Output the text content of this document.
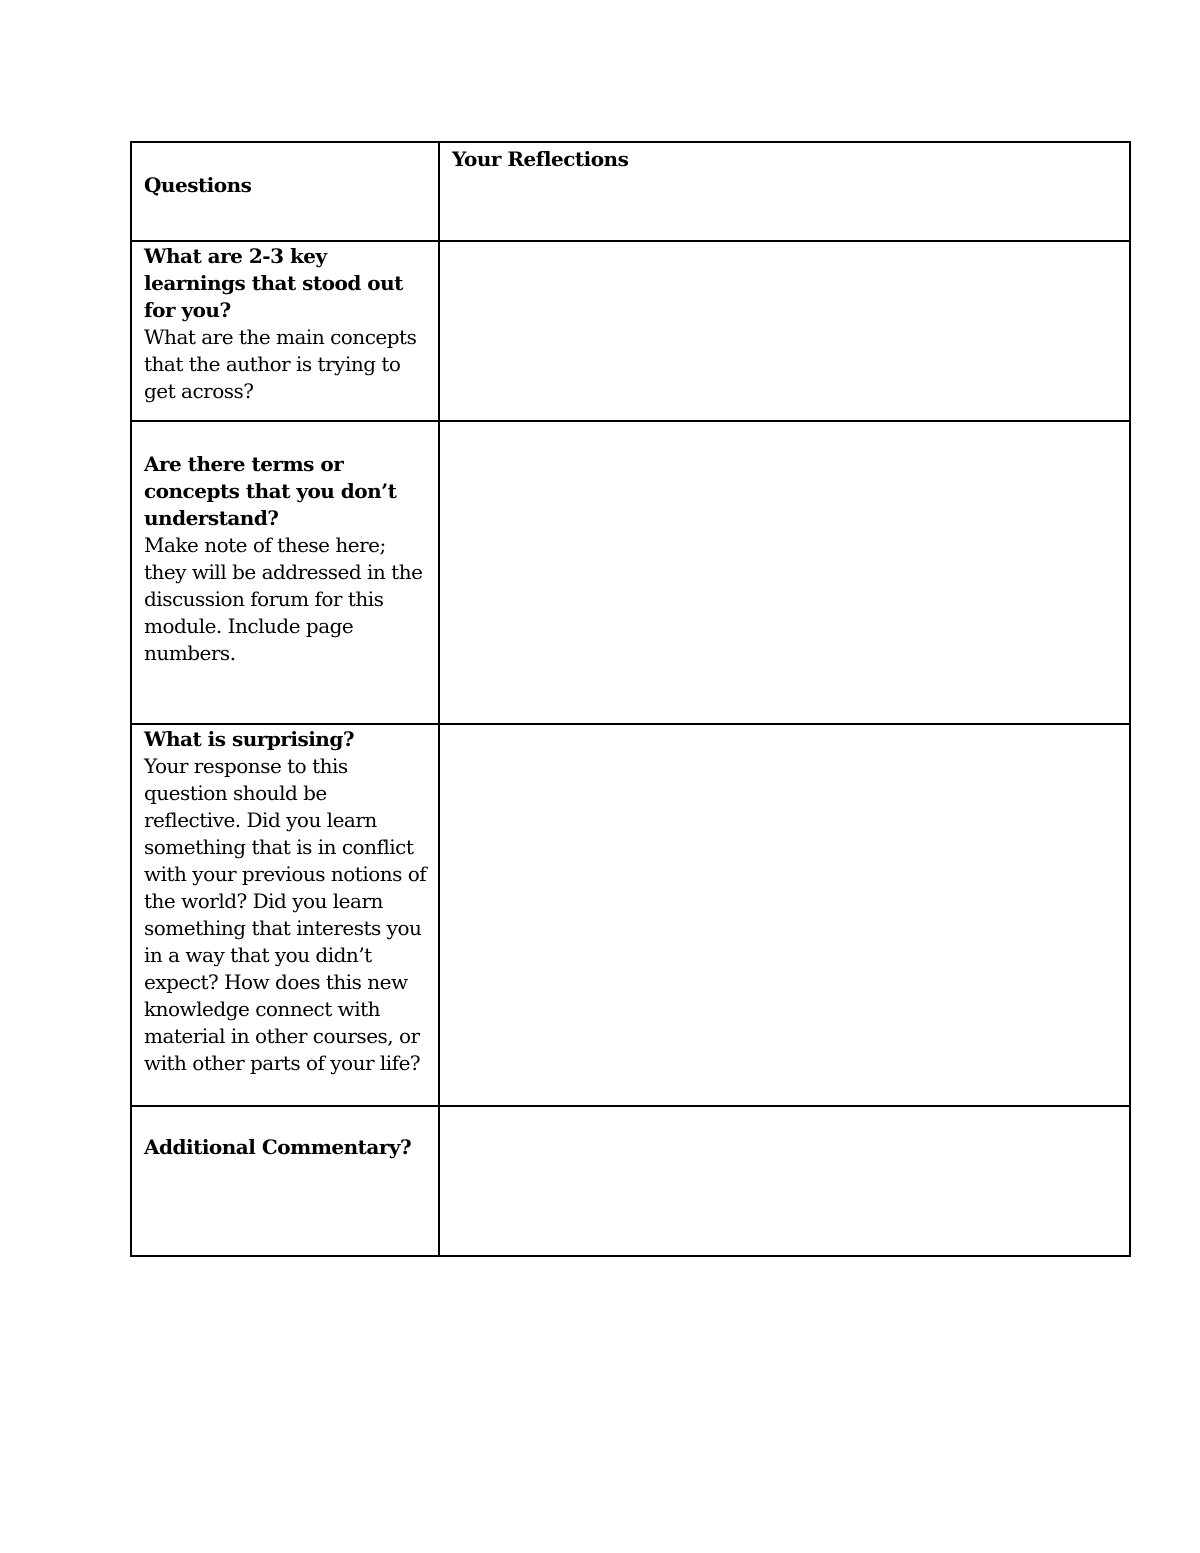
Questions	Your Reflections

What are 2-3 key learnings that stood out for you?
What are the main concepts that the author is trying to get across?	

Are there terms or concepts that you don’t understand?
Make note of these here; they will be addressed in the discussion forum for this module. Include page numbers.	

What is surprising?
Your response to this question should be reflective. Did you learn something that is in conflict with your previous notions of the world? Did you learn something that interests you in a way that you didn’t expect? How does this new knowledge connect with material in other courses, or with other parts of your life?	

Additional Commentary?	
